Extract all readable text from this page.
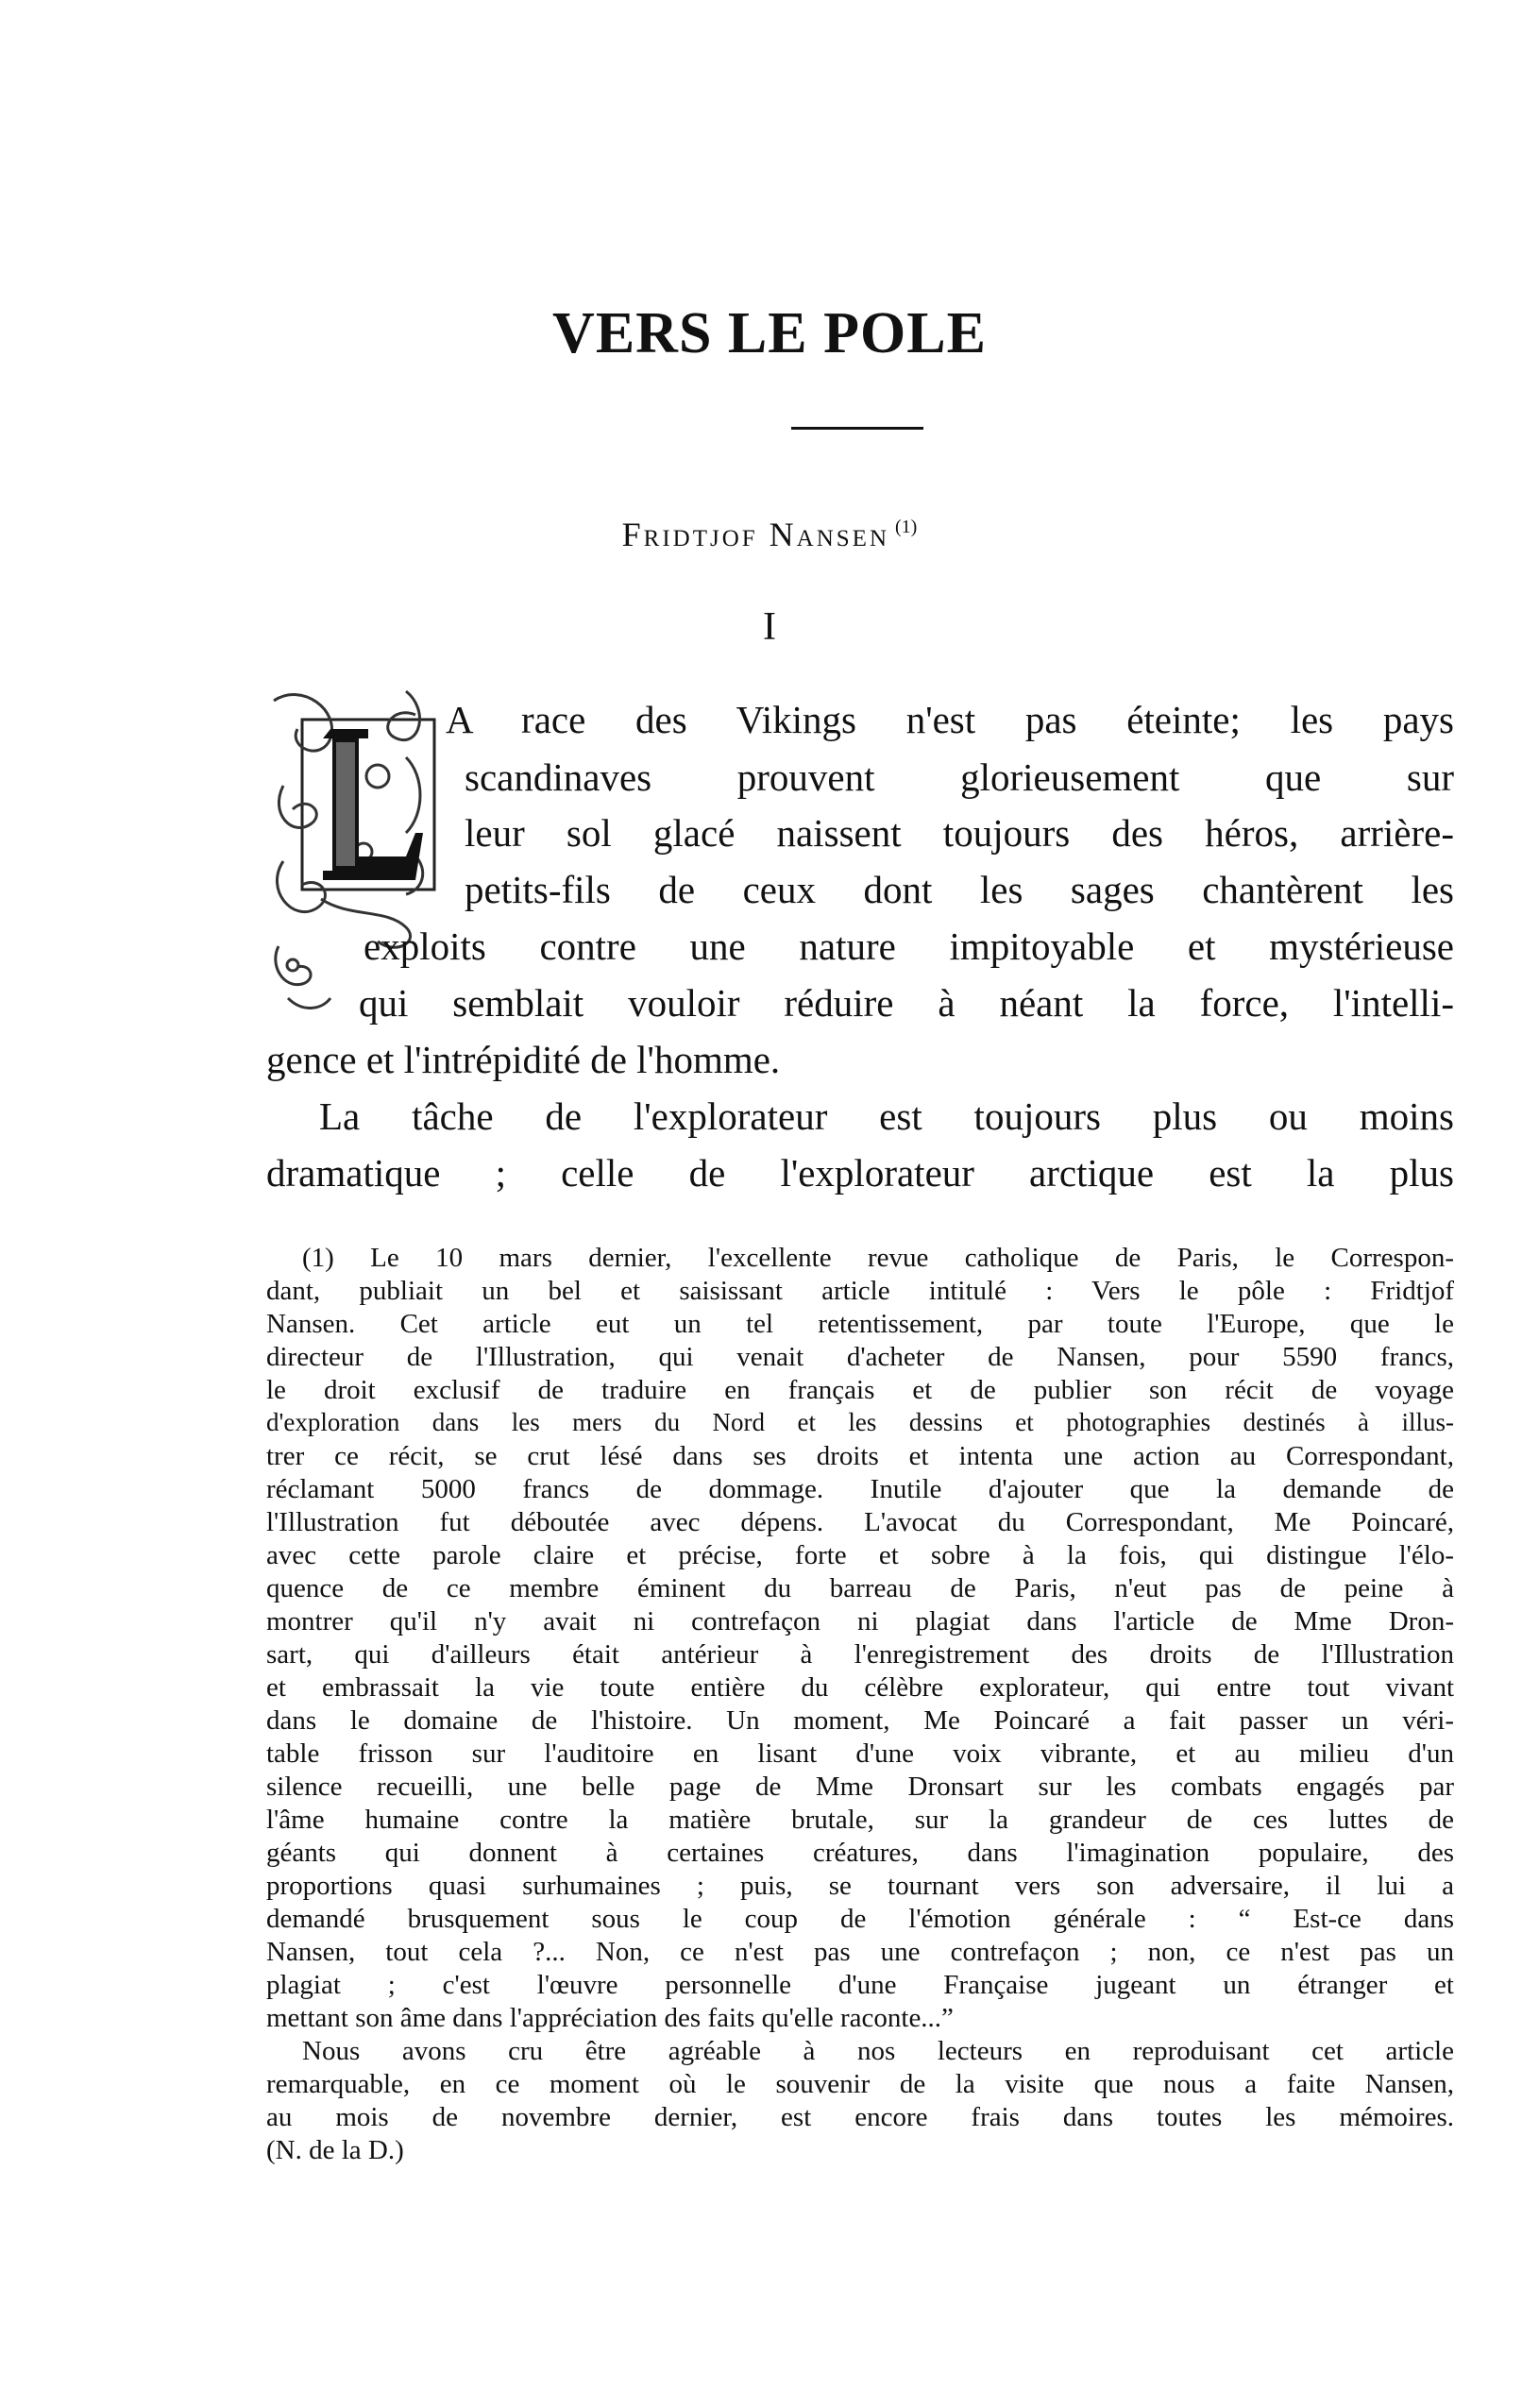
VERS LE POLE
Fridtjof Nansen $^{(1)}$
I
A race des Vikings n'est pas éteinte; les pays
scandinaves prouvent glorieusement que sur
leur sol glacé naissent toujours des héros, arrière-
petits-fils de ceux dont les sages chantèrent les
exploits contre une nature impitoyable et mystérieuse
qui semblait vouloir réduire à néant la force, l'intelli-
gence et l'intrépidité de l'homme.
La tâche de l'explorateur est toujours plus ou moins
dramatique ; celle de l'explorateur arctique est la plus
(1) Le 10 mars dernier, l'excellente revue catholique de Paris, le Correspon-
dant, publiait un bel et saisissant article intitulé : Vers le pôle : Fridtjof
Nansen. Cet article eut un tel retentissement, par toute l'Europe, que le
directeur de l'Illustration, qui venait d'acheter de Nansen, pour 5590 francs,
le droit exclusif de traduire en français et de publier son récit de voyage
d'exploration dans les mers du Nord et les dessins et photographies destinés à illus-
trer ce récit, se crut lésé dans ses droits et intenta une action au Correspondant,
réclamant 5000 francs de dommage. Inutile d'ajouter que la demande de
l'Illustration fut déboutée avec dépens. L'avocat du Correspondant, Me Poincaré,
avec cette parole claire et précise, forte et sobre à la fois, qui distingue l'élo-
quence de ce membre éminent du barreau de Paris, n'eut pas de peine à
montrer qu'il n'y avait ni contrefaçon ni plagiat dans l'article de Mme Dron-
sart, qui d'ailleurs était antérieur à l'enregistrement des droits de l'Illustration
et embrassait la vie toute entière du célèbre explorateur, qui entre tout vivant
dans le domaine de l'histoire. Un moment, Me Poincaré a fait passer un véri-
table frisson sur l'auditoire en lisant d'une voix vibrante, et au milieu d'un
silence recueilli, une belle page de Mme Dronsart sur les combats engagés par
l'âme humaine contre la matière brutale, sur la grandeur de ces luttes de
géants qui donnent à certaines créatures, dans l'imagination populaire, des
proportions quasi surhumaines ; puis, se tournant vers son adversaire, il lui a
demandé brusquement sous le coup de l'émotion générale : “ Est-ce dans
Nansen, tout cela ?... Non, ce n'est pas une contrefaçon ; non, ce n'est pas un
plagiat ; c'est l'œuvre personnelle d'une Française jugeant un étranger et
mettant son âme dans l'appréciation des faits qu'elle raconte...”
Nous avons cru être agréable à nos lecteurs en reproduisant cet article
remarquable, en ce moment où le souvenir de la visite que nous a faite Nansen,
au mois de novembre dernier, est encore frais dans toutes les mémoires.
(N. de la D.)
